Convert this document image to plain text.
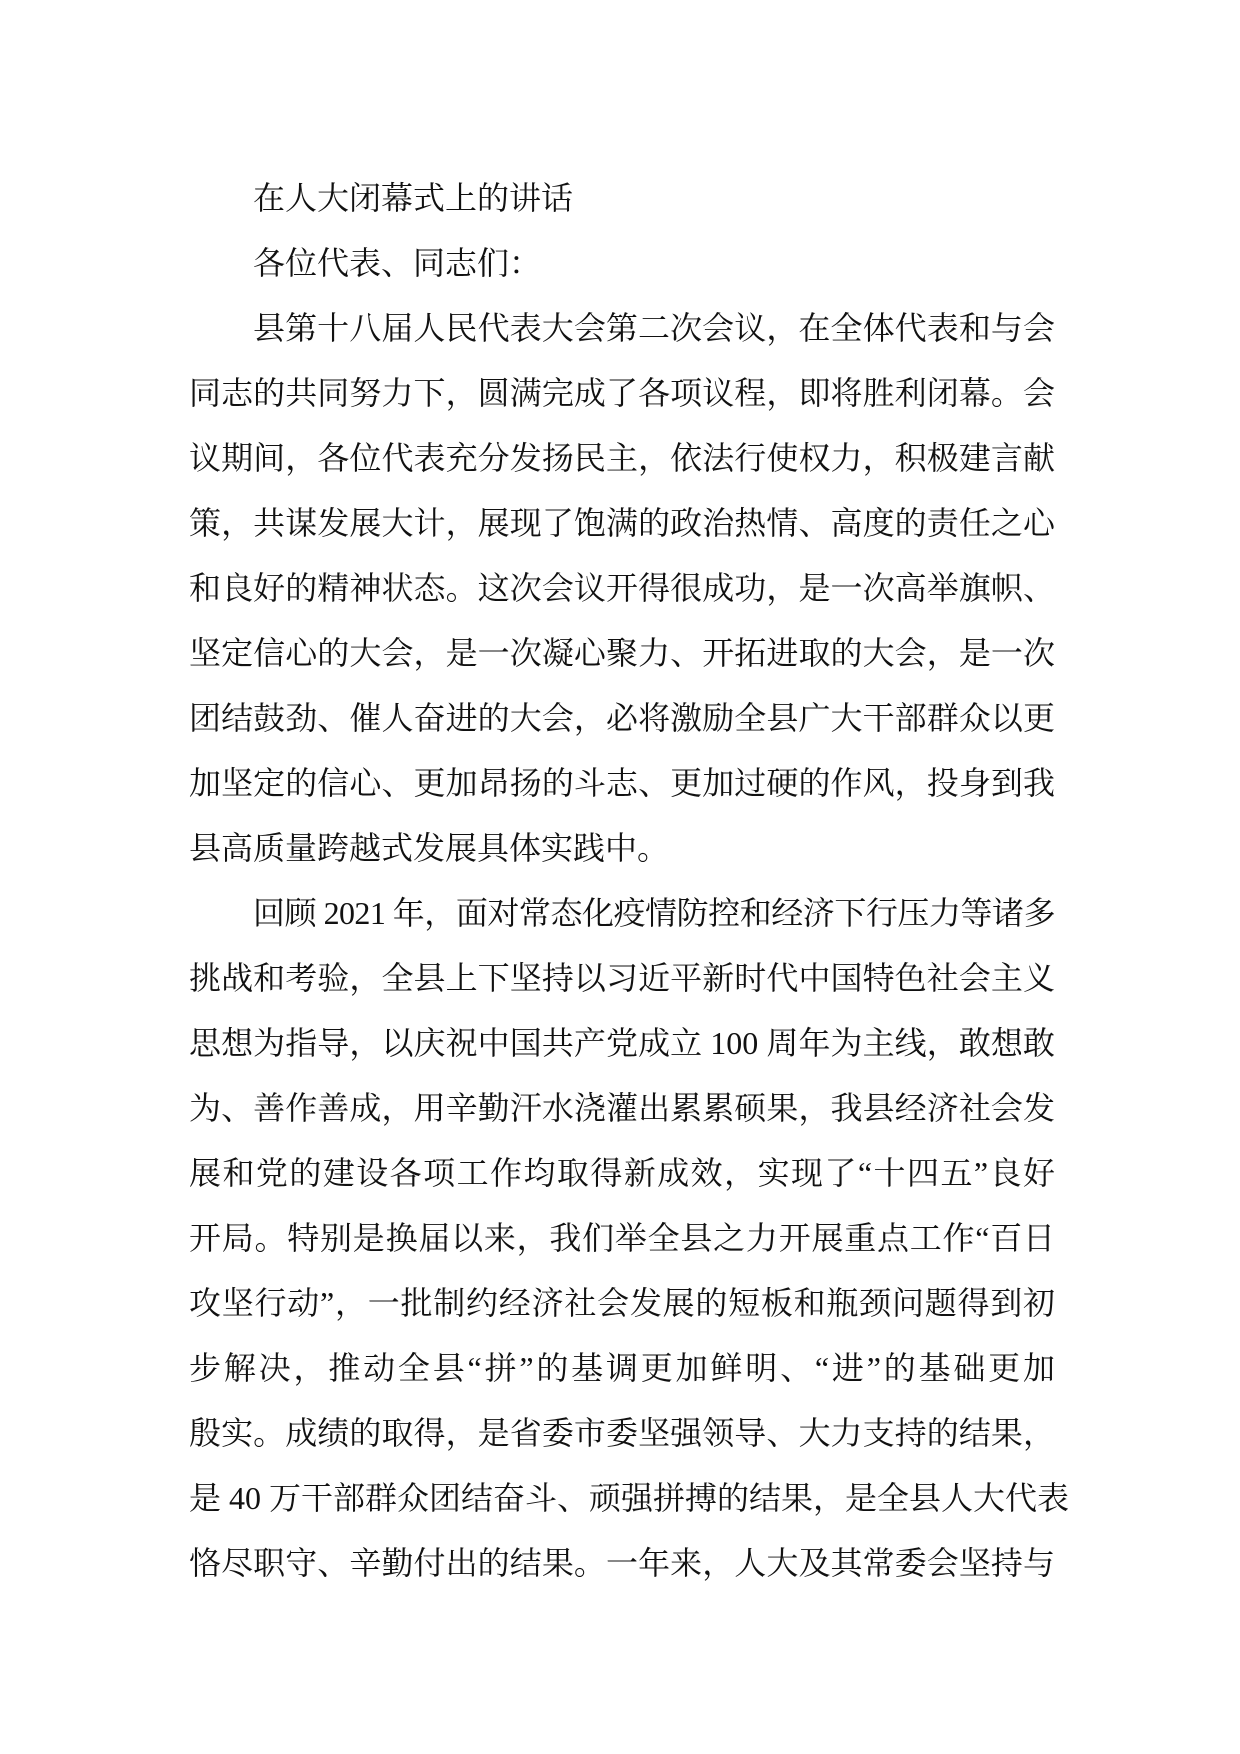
在人大闭幕式上的讲话
各位代表、同志们：
县第十八届人民代表大会第二次会议，在全体代表和与会
同志的共同努力下，圆满完成了各项议程，即将胜利闭幕。会
议期间，各位代表充分发扬民主，依法行使权力，积极建言献
策，共谋发展大计，展现了饱满的政治热情、高度的责任之心
和良好的精神状态。这次会议开得很成功，是一次高举旗帜、
坚定信心的大会，是一次凝心聚力、开拓进取的大会，是一次
团结鼓劲、催人奋进的大会，必将激励全县广大干部群众以更
加坚定的信心、更加昂扬的斗志、更加过硬的作风，投身到我
县高质量跨越式发展具体实践中。
回顾 2021 年，面对常态化疫情防控和经济下行压力等诸多
挑战和考验，全县上下坚持以习近平新时代中国特色社会主义
思想为指导，以庆祝中国共产党成立 100 周年为主线，敢想敢
为、善作善成，用辛勤汗水浇灌出累累硕果，我县经济社会发
展和党的建设各项工作均取得新成效，实现了“十四五”良好
开局。特别是换届以来，我们举全县之力开展重点工作“百日
攻坚行动”，一批制约经济社会发展的短板和瓶颈问题得到初
步解决，推动全县“拼”的基调更加鲜明、“进”的基础更加
殷实。成绩的取得，是省委市委坚强领导、大力支持的结果，
是 40 万干部群众团结奋斗、顽强拼搏的结果，是全县人大代表
恪尽职守、辛勤付出的结果。一年来，人大及其常委会坚持与
